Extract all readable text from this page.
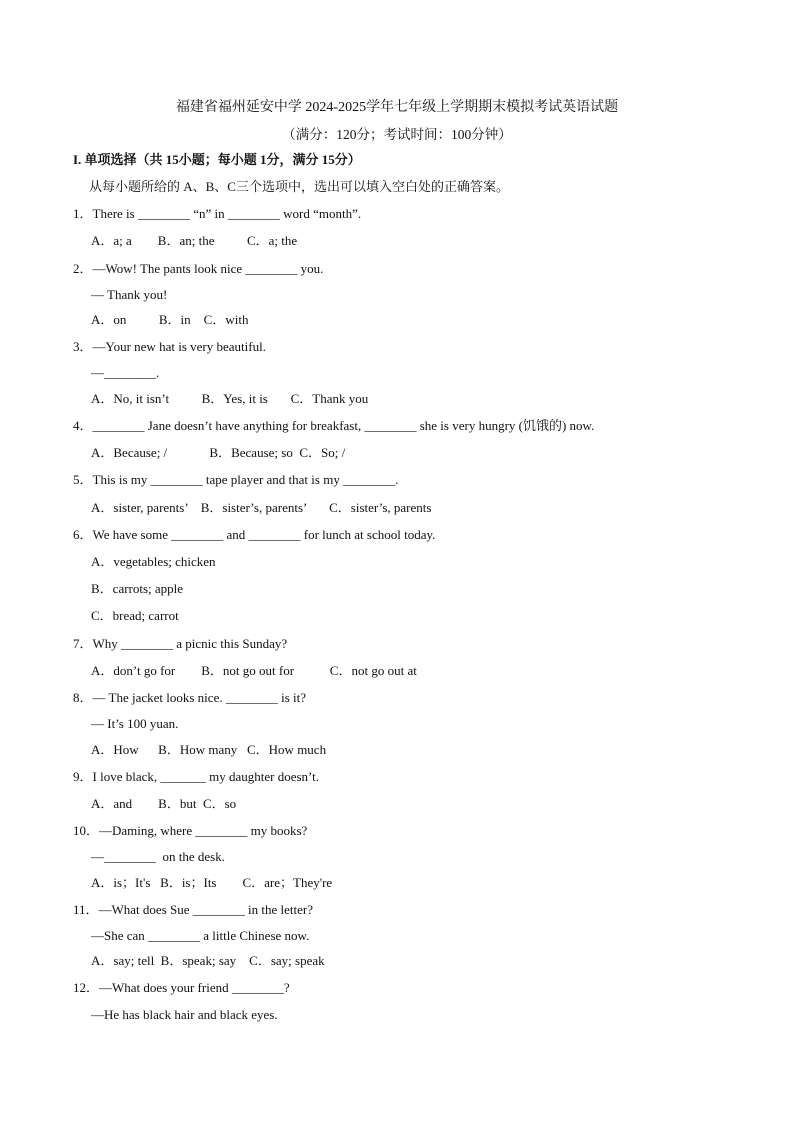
福建省福州延安中学 2024-2025学年七年级上学期期末模拟考试英语试题
（满分：120分；考试时间：100分钟）
I. 单项选择（共 15小题；每小题 1分，满分 15分）
从每小题所给的 A、B、C三个选项中，选出可以填入空白处的正确答案。
1．There is ________ “n” in ________ word “month”.
A．a; a        B．an; the          C．a; the
2．—Wow! The pants look nice ________ you.
— Thank you!
A．on          B．in    C．with
3．—Your new hat is very beautiful.
—________.
A．No, it isn’t          B．Yes, it is       C．Thank you
4．________ Jane doesn’t have anything for breakfast, ________ she is very hungry (饥饿的) now.
A．Because; /             B．Because; so  C．So; /
5．This is my ________ tape player and that is my ________.
A．sister, parents’    B．sister’s, parents’       C．sister’s, parents
6．We have some ________ and ________ for lunch at school today.
A．vegetables; chicken
B．carrots; apple
C．bread; carrot
7．Why ________ a picnic this Sunday?
A．don’t go for        B．not go out for           C．not go out at
8．— The jacket looks nice. ________ is it?
— It’s 100 yuan.
A．How      B．How many   C．How much
9．I love black, _______ my daughter doesn’t.
A．and        B．but  C．so
10．—Daming, where ________ my books?
—________  on the desk.
A．is；It's   B．is；Its        C．are；They're
11．—What does Sue ________ in the letter?
—She can ________ a little Chinese now.
A．say; tell  B．speak; say    C．say; speak
12．—What does your friend ________?
—He has black hair and black eyes.
